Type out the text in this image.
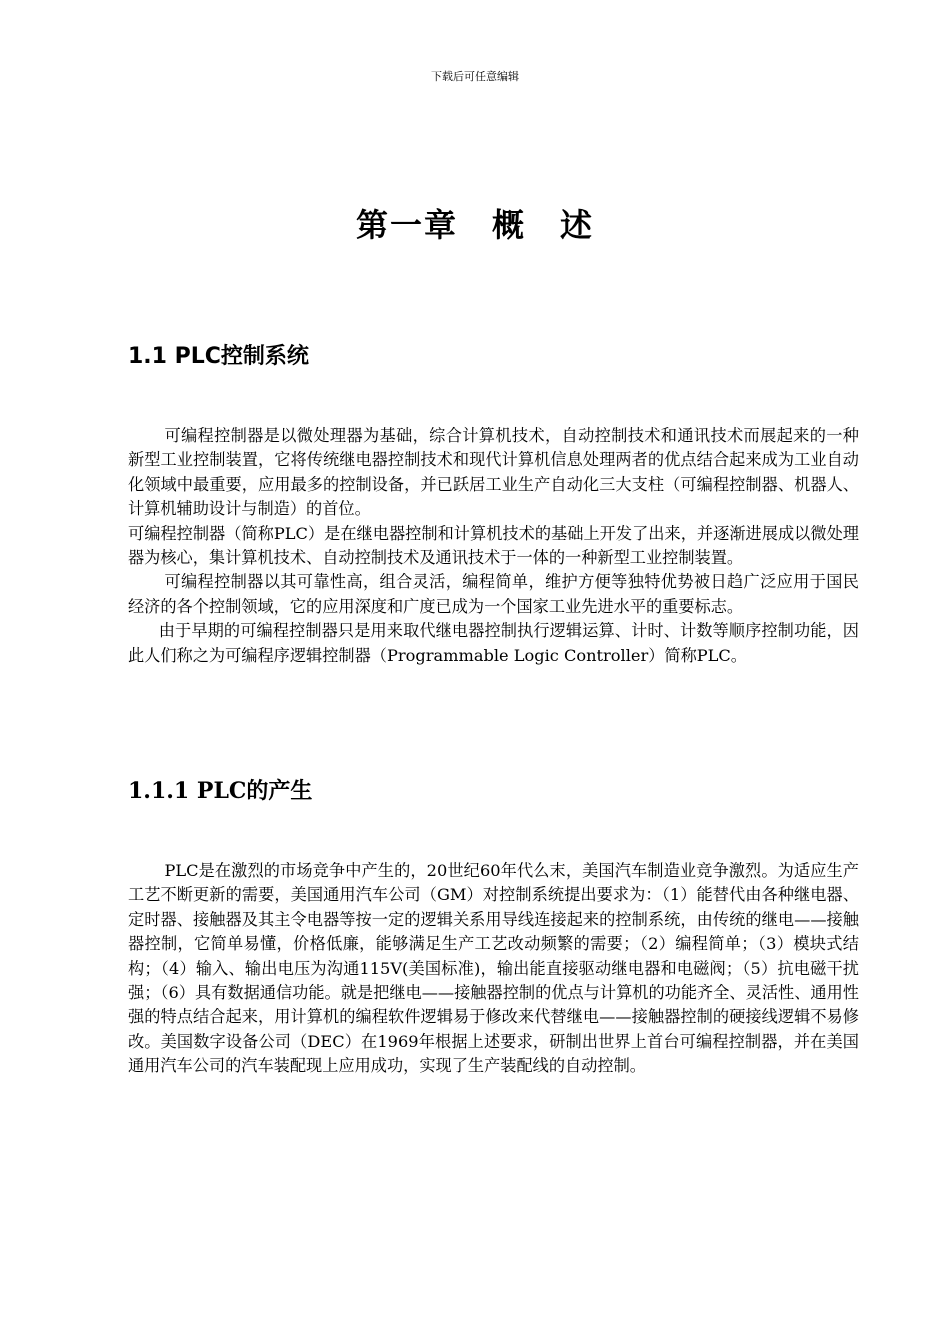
下载后可任意编辑
第一章　概　述
1.1 PLC控制系统

可编程控制器是以微处理器为基础，综合计算机技术，自动控制技术和通讯技术而展起来的一种新型工业控制装置，它将传统继电器控制技术和现代计算机信息处理两者的优点结合起来成为工业自动化领域中最重要，应用最多的控制设备，并已跃居工业生产自动化三大支柱（可编程控制器、机器人、计算机辅助设计与制造）的首位。

可编程控制器（简称PLC）是在继电器控制和计算机技术的基础上开发了出来，并逐渐进展成以微处理器为核心，集计算机技术、自动控制技术及通讯技术于一体的一种新型工业控制装置。

可编程控制器以其可靠性高，组合灵活，编程简单，维护方便等独特优势被日趋广泛应用于国民经济的各个控制领域，它的应用深度和广度已成为一个国家工业先进水平的重要标志。

由于早期的可编程控制器只是用来取代继电器控制执行逻辑运算、计时、计数等顺序控制功能，因此人们称之为可编程序逻辑控制器（Programmable Logic Controller）简称PLC。

1.1.1 PLC的产生

PLC是在激烈的市场竞争中产生的，20世纪60年代么末，美国汽车制造业竞争激烈。为适应生产工艺不断更新的需要，美国通用汽车公司（GM）对控制系统提出要求为：（1）能替代由各种继电器、定时器、接触器及其主令电器等按一定的逻辑关系用导线连接起来的控制系统，由传统的继电——接触器控制，它简单易懂，价格低廉，能够满足生产工艺改动频繁的需要；（2）编程简单；（3）模块式结构；（4）输入、输出电压为沟通115V(美国标准)，输出能直接驱动继电器和电磁阀；（5）抗电磁干扰强；（6）具有数据通信功能。就是把继电——接触器控制的优点与计算机的功能齐全、灵活性、通用性强的特点结合起来，用计算机的编程软件逻辑易于修改来代替继电——接触器控制的硬接线逻辑不易修改。美国数字设备公司（DEC）在1969年根据上述要求，研制出世界上首台可编程控制器，并在美国通用汽车公司的汽车装配现上应用成功，实现了生产装配线的自动控制。
